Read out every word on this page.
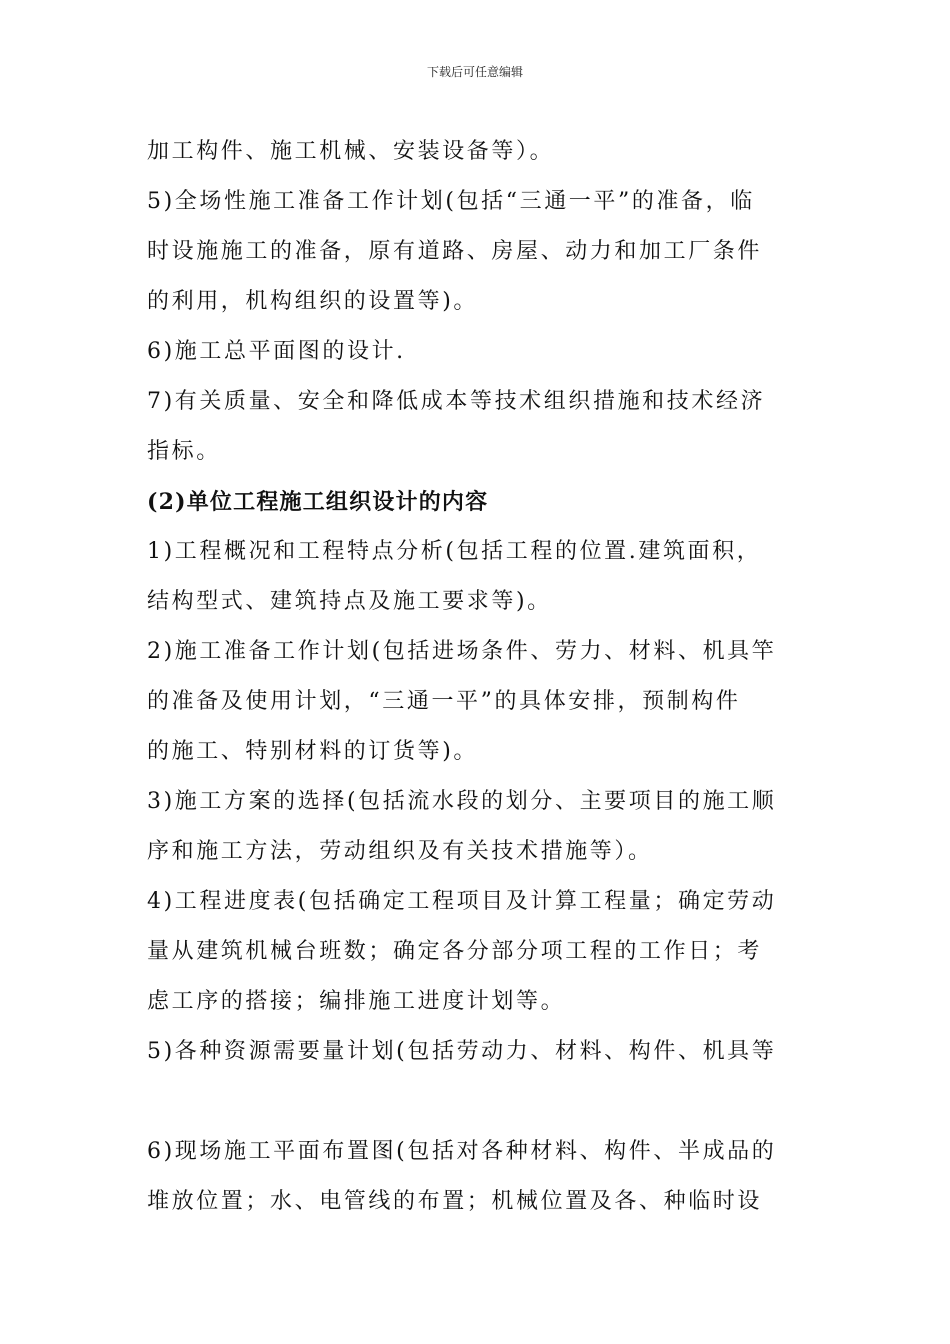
下载后可任意编辑
加工构件、施工机械、安装设备等）。
5)全场性施工准备工作计划(包括“三通一平”的准备，临
时设施施工的准备，原有道路、房屋、动力和加工厂条件
的利用，机构组织的设置等)。
6)施工总平面图的设计.
7)有关质量、安全和降低成本等技术组织措施和技术经济
指标。
(2)单位工程施工组织设计的内容
1)工程概况和工程特点分析(包括工程的位置.建筑面积，
结构型式、建筑持点及施工要求等)。
2)施工准备工作计划(包括进场条件、劳力、材料、机具竿
的准备及使用计划，“三通一平”的具体安排，预制构件
的施工、特别材料的订货等)。
3)施工方案的选择(包括流水段的划分、主要项目的施工顺
序和施工方法，劳动组织及有关技术措施等）。
4)工程进度表(包括确定工程项目及计算工程量；确定劳动
量从建筑机械台班数；确定各分部分项工程的工作日；考
虑工序的搭接；编排施工进度计划等。
5)各种资源需要量计划(包括劳动力、材料、构件、机具等
6)现场施工平面布置图(包括对各种材料、构件、半成品的
堆放位置；水、电管线的布置；机械位置及各、种临时设
